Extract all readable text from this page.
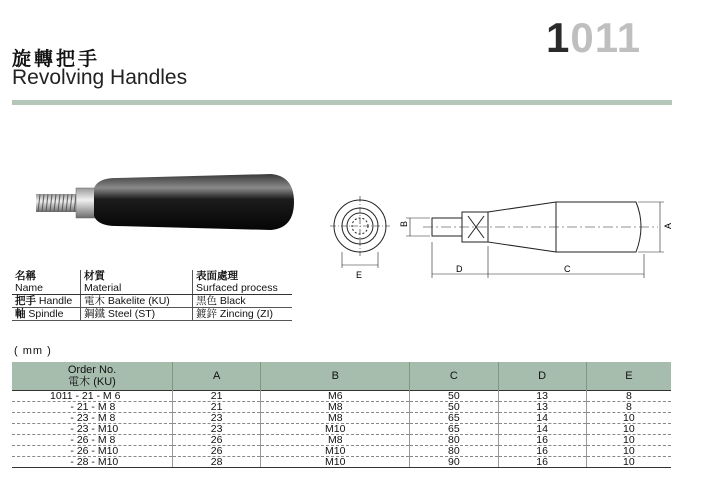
旋轉把手
Revolving Handles
1011
E
B
D	C
A
名稱	材質	表面處理
Name	Material	Surfaced process
把手 Handle	電木 Bakelite (KU)	黑色 Black
軸 Spindle	鋼鐵 Steel (ST)	鍍鋅 Zincing (ZI)
( mm )
Order No.
電木 (KU)	A	B	C	D	E
1011 - 21 - M 6	21	M6	50	13	8
- 21 - M 8	21	M8	50	13	8
- 23 - M 8	23	M8	65	14	10
- 23 - M10	23	M10	65	14	10
- 26 - M 8	26	M8	80	16	10
- 26 - M10	26	M10	80	16	10
- 28 - M10	28	M10	90	16	10
